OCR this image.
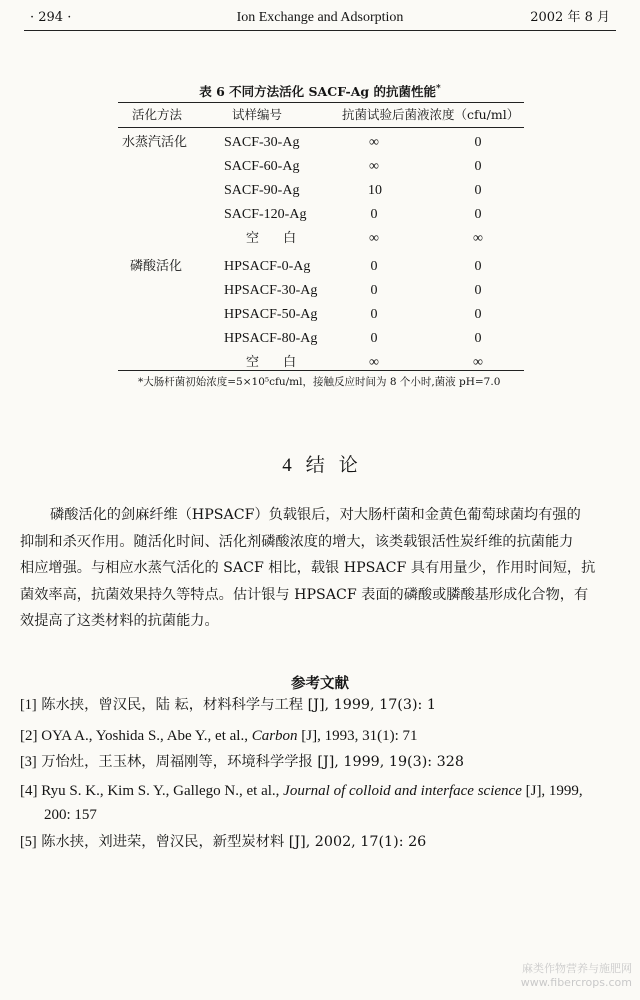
· 294 ·	Ion Exchange and Adsorption	2002 年 8 月
表 6 不同方法活化 SACF-Ag 的抗菌性能*
活化方法	试样编号	抗菌试验后菌液浓度（cfu/ml）
水蒸汽活化	SACF-30-Ag	∞	0
SACF-60-Ag	∞	0
SACF-90-Ag	10	0
SACF-120-Ag	0	0
空 白	∞	∞
磷酸活化	HPSACF-0-Ag	0	0
HPSACF-30-Ag	0	0
HPSACF-50-Ag	0	0
HPSACF-80-Ag	0	0
空 白	∞	∞
*大肠杆菌初始浓度=5×10⁵cfu/ml，接触反应时间为 8 个小时,菌液 pH=7.0
4 结 论
磷酸活化的剑麻纤维（HPSACF）负载银后，对大肠杆菌和金黄色葡萄球菌均有强的
抑制和杀灭作用。随活化时间、活化剂磷酸浓度的增大，该类载银活性炭纤维的抗菌能力
相应增强。与相应水蒸气活化的 SACF 相比，载银 HPSACF 具有用量少，作用时间短，抗
菌效率高，抗菌效果持久等特点。估计银与 HPSACF 表面的磷酸或膦酸基形成化合物，有
效提高了这类材料的抗菌能力。
参考文献
[1] 陈水挟，曾汉民，陆 耘，材料科学与工程 [J], 1999, 17(3): 1
[2] OYA A., Yoshida S., Abe Y., et al., Carbon [J], 1993, 31(1): 71
[3] 万怡灶，王玉林，周福刚等，环境科学学报 [J], 1999, 19(3): 328
[4] Ryu S. K., Kim S. Y., Gallego N., et al., Journal of colloid and interface science [J], 1999,
200: 157
[5] 陈水挟，刘进荣，曾汉民，新型炭材料 [J], 2002, 17(1): 26
麻类作物营养与施肥网
www.fibercrops.com
